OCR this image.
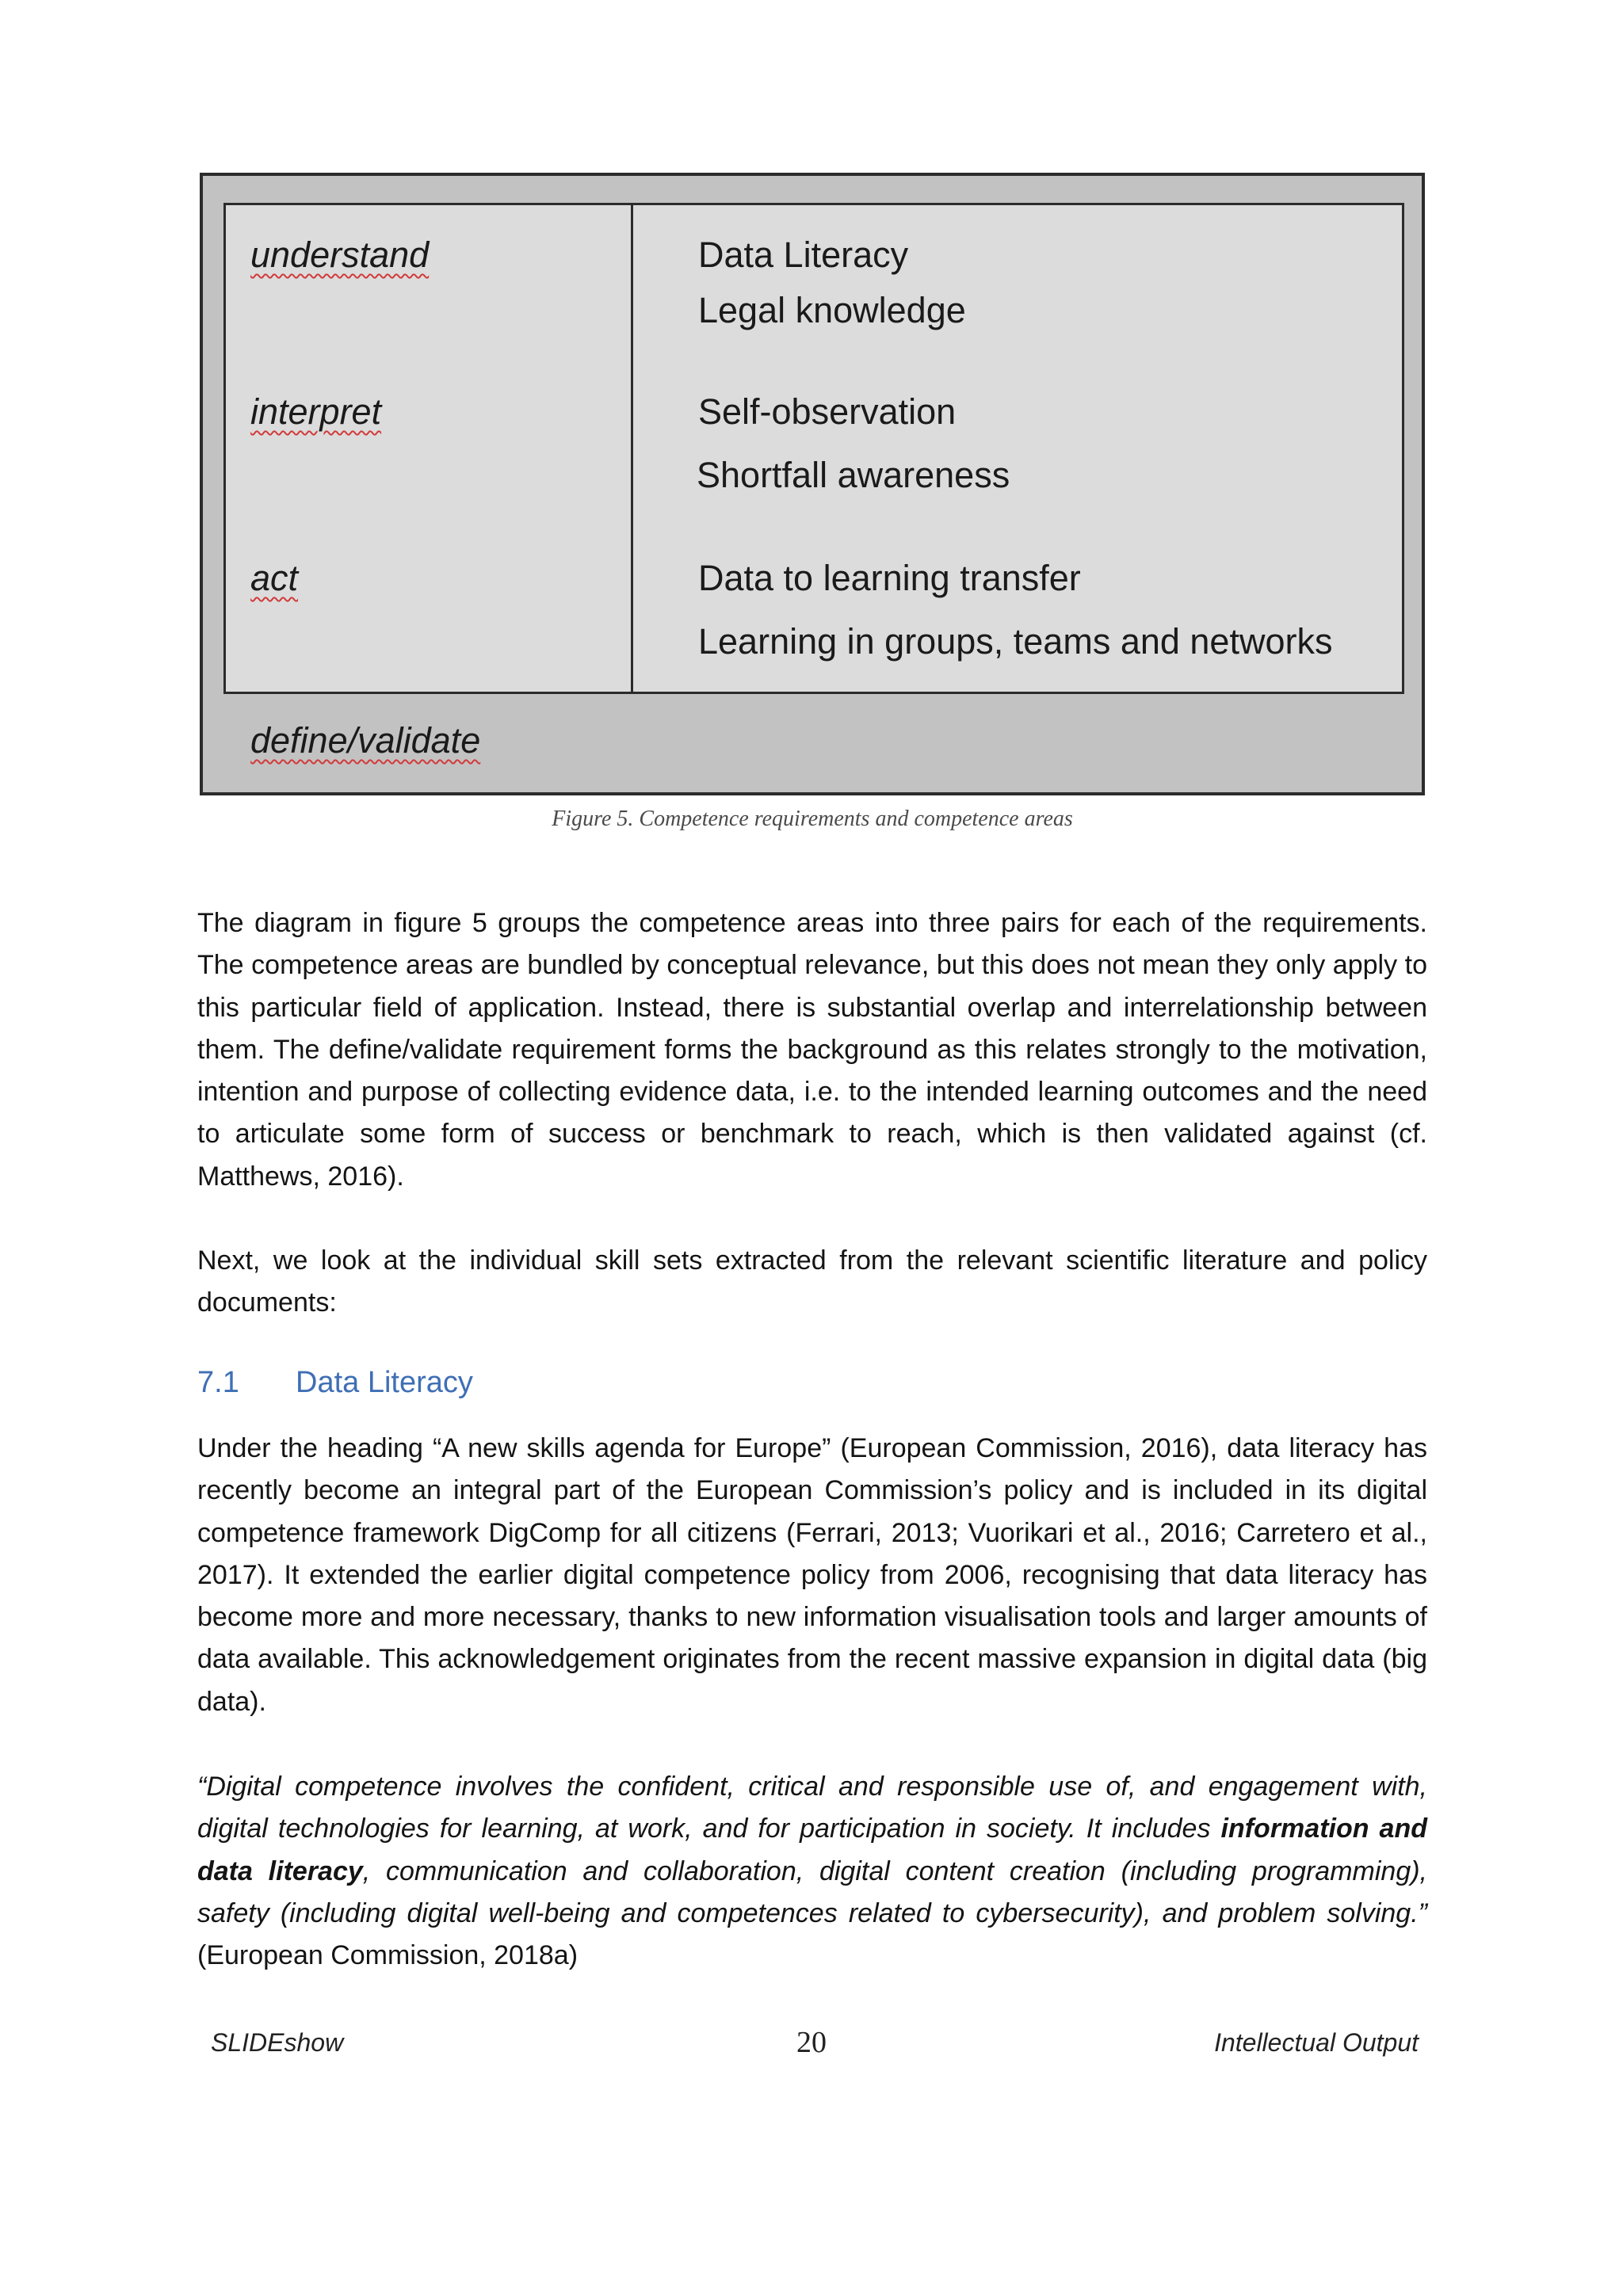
understand	Data Literacy
Legal knowledge
interpret	Self-observation
Shortfall awareness
act	Data to learning transfer
Learning in groups, teams and networks
define/validate
Figure 5. Competence requirements and competence areas

The diagram in figure 5 groups the competence areas into three pairs for each of the requirements. The competence areas are bundled by conceptual relevance, but this does not mean they only apply to this particular field of application. Instead, there is substantial overlap and interrelationship between them. The define/validate requirement forms the background as this relates strongly to the motivation, intention and purpose of collecting evidence data, i.e. to the intended learning outcomes and the need to articulate some form of success or benchmark to reach, which is then validated against (cf. Matthews, 2016).

Next, we look at the individual skill sets extracted from the relevant scientific literature and policy documents:

7.1 Data Literacy

Under the heading “A new skills agenda for Europe” (European Commission, 2016), data literacy has recently become an integral part of the European Commission’s policy and is included in its digital competence framework DigComp for all citizens (Ferrari, 2013; Vuorikari et al., 2016; Carretero et al., 2017). It extended the earlier digital competence policy from 2006, recognising that data literacy has become more and more necessary, thanks to new information visualisation tools and larger amounts of data available. This acknowledgement originates from the recent massive expansion in digital data (big data).

“Digital competence involves the confident, critical and responsible use of, and engagement with, digital technologies for learning, at work, and for participation in society. It includes information and data literacy, communication and collaboration, digital content creation (including programming), safety (including digital well-being and competences related to cybersecurity), and problem solving.” (European Commission, 2018a)

SLIDEshow	20	Intellectual Output
